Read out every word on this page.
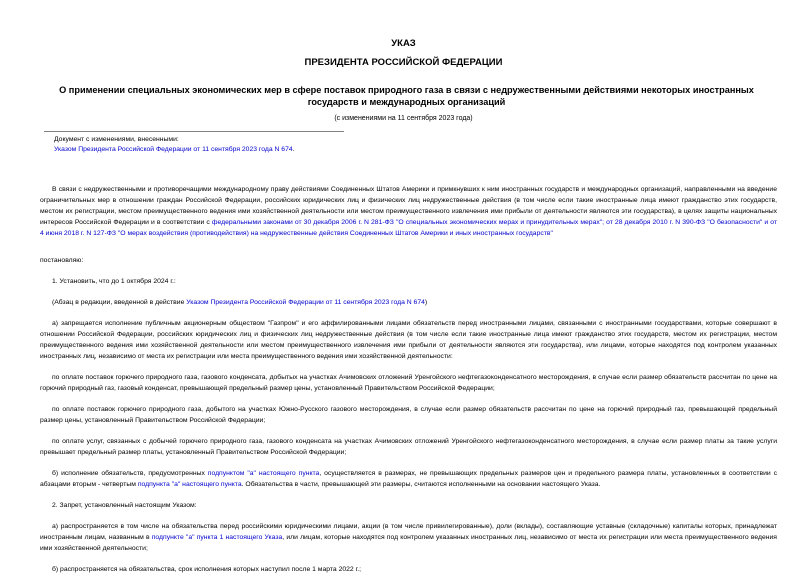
УКАЗ
ПРЕЗИДЕНТА РОССИЙСКОЙ ФЕДЕРАЦИИ
О применении специальных экономических мер в сфере поставок природного газа в связи с недружественными действиями некоторых иностранных государств и международных организаций
(с изменениями на 11 сентября 2023 года)
Документ с изменениями, внесенными:
Указом Президента Российской Федерации от 11 сентября 2023 года N 674.

В связи с недружественными и противоречащими международному праву действиями Соединенных Штатов Америки и примкнувших к ним иностранных государств и международных организаций, направленными на введение ограничительных мер в отношении граждан Российской Федерации, российских юридических лиц и физических лиц недружественные действия (в том числе если такие иностранные лица имеют гражданство этих государств, местом их регистрации, местом преимущественного ведения ими хозяйственной деятельности или местом преимущественного извлечения ими прибыли от деятельности являются эти государства), в целях защиты национальных интересов Российской Федерации и в соответствии с федеральными законами от 30 декабря 2006 г. N 281-ФЗ "О специальных экономических мерах и принудительных мерах"; от 28 декабря 2010 г. N 390-ФЗ "О безопасности" и от 4 июня 2018 г. N 127-ФЗ "О мерах воздействия (противодействия) на недружественные действия Соединенных Штатов Америки и иных иностранных государств"

постановляю:

1. Установить, что до 1 октября 2024 г.:

(Абзац в редакции, введенной в действие Указом Президента Российской Федерации от 11 сентября 2023 года N 674)

а) запрещается исполнение публичным акционерным обществом "Газпром" и его аффилированными лицами обязательств перед иностранными лицами, связанными с иностранными государствами, которые совершают в отношении Российской Федерации, российских юридических лиц и физических лиц недружественные действия (в том числе если такие иностранные лица имеют гражданство этих государств, местом их регистрации, местом преимущественного ведения ими хозяйственной деятельности или местом преимущественного извлечения ими прибыли от деятельности являются эти государства), или лицами, которые находятся под контролем указанных иностранных лиц, независимо от места их регистрации или места преимущественного ведения ими хозяйственной деятельности:

по оплате поставок горючего природного газа, газового конденсата, добытых на участках Ачимовских отложений Уренгойского нефтегазоконденсатного месторождения, в случае если размер обязательств рассчитан по цене на горючий природный газ, газовый конденсат, превышающей предельный размер цены, установленный Правительством Российской Федерации;

по оплате поставок горючего природного газа, добытого на участках Южно-Русского газового месторождения, в случае если размер обязательств рассчитан по цене на горючий природный газ, превышающей предельный размер цены, установленный Правительством Российской Федерации;

по оплате услуг, связанных с добычей горючего природного газа, газового конденсата на участках Ачимовских отложений Уренгойского нефтегазоконденсатного месторождения, в случае если размер платы за такие услуги превышает предельный размер платы, установленный Правительством Российской Федерации;

б) исполнение обязательств, предусмотренных подпунктом "а" настоящего пункта, осуществляется в размерах, не превышающих предельных размеров цен и предельного размера платы, установленных в соответствии с абзацами вторым - четвертым подпункта "а" настоящего пункта. Обязательства в части, превышающей эти размеры, считаются исполненными на основании настоящего Указа.

2. Запрет, установленный настоящим Указом:

а) распространяется в том числе на обязательства перед российскими юридическими лицами, акции (в том числе привилегированные), доли (вклады), составляющие уставные (складочные) капиталы которых, принадлежат иностранным лицам, названным в подпункте "а" пункта 1 настоящего Указа, или лицам, которые находятся под контролем указанных иностранных лиц, независимо от места их регистрации или места преимущественного ведения ими хозяйственной деятельности;

б) распространяется на обязательства, срок исполнения которых наступил после 1 марта 2022 г.;
